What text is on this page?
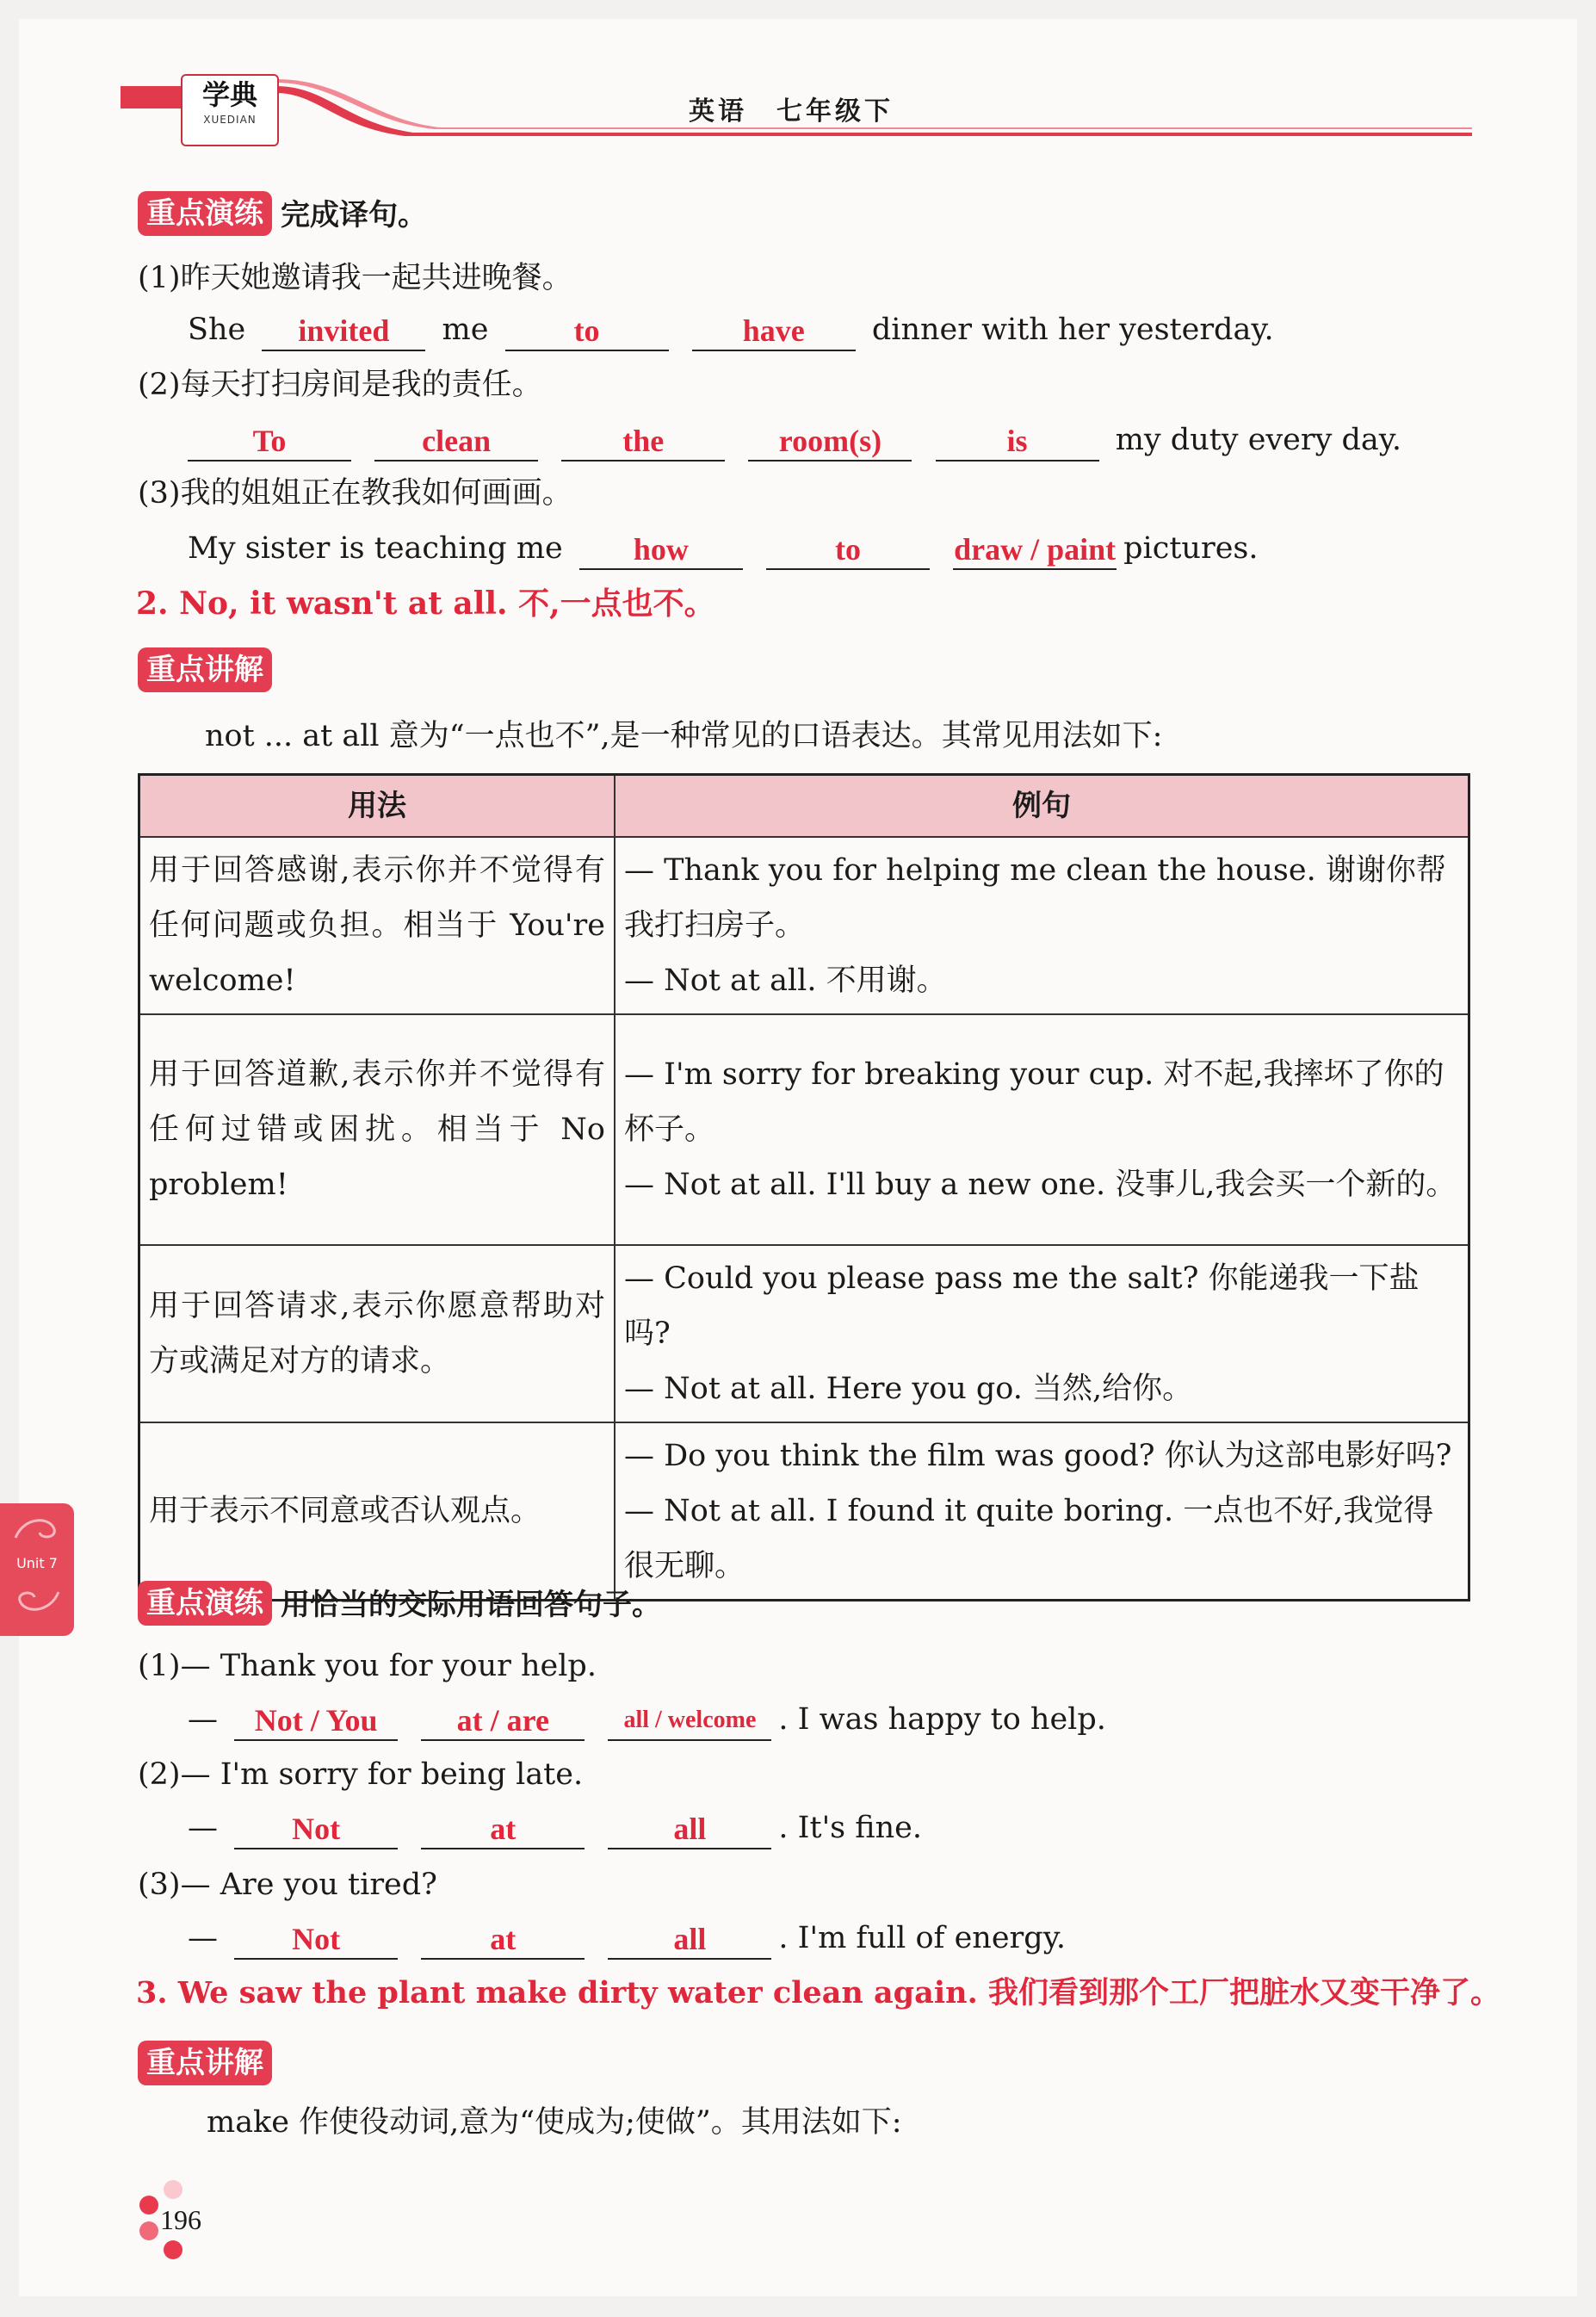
学典
XUEDIAN	英语　七年级下
重点演练 完成译句。
(1)昨天她邀请我一起共进晚餐。
She invited me	to	have dinner with her yesterday.
(2)每天打扫房间是我的责任。
To	clean	the	room(s)	is	my duty every day.
(3)我的姐姐正在教我如何画画。
My sister is teaching me how	to	draw / paint pictures.
2. No, it wasn't at all. 不,一点也不。
重点讲解
not ... at all 意为“一点也不”,是一种常见的口语表达。其常见用法如下:
用法	例句
用于回答感谢,表示你并不觉得有任何问题或负担。相当于 You're welcome!	— Thank you for helping me clean the house. 谢谢你帮我打扫房子。
— Not at all. 不用谢。

用于回答道歉,表示你并不觉得有任何过错或困扰。相当于 No problem!	— I'm sorry for breaking your cup. 对不起,我摔坏了你的杯子。
— Not at all. I'll buy a new one. 没事儿,我会买一个新的。

用于回答请求,表示你愿意帮助对方或满足对方的请求。	— Could you please pass me the salt? 你能递我一下盐吗?
— Not at all. Here you go. 当然,给你。

用于表示不同意或否认观点。	— Do you think the film was good? 你认为这部电影好吗?
— Not at all. I found it quite boring. 一点也不好,我觉得很无聊。
重点演练 用恰当的交际用语回答句子。
(1)— Thank you for your help.
— Not / You	at / are	all / welcome . I was happy to help.
(2)— I'm sorry for being late.
— Not	at	all . It's fine.
(3)— Are you tired?
— Not	at	all . I'm full of energy.
3. We saw the plant make dirty water clean again. 我们看到那个工厂把脏水又变干净了。
重点讲解
make 作使役动词,意为“使成为;使做”。其用法如下:
Unit 7
196
